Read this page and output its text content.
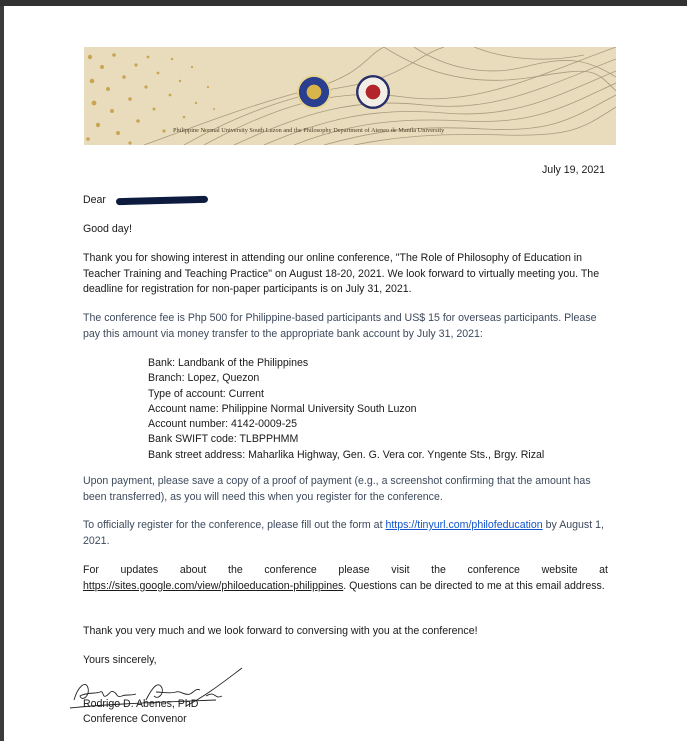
Philippine Normal University South Luzon and the Philosophy Department of Ateneo de Manila University
July 19, 2021
Dear
Good day!
Thank you for showing interest in attending our online conference, "The Role of Philosophy of Education in Teacher Training and Teaching Practice" on August 18-20, 2021. We look forward to virtually meeting you. The deadline for registration for non-paper participants is on July 31, 2021.
The conference fee is Php 500 for Philippine-based participants and US$ 15 for overseas participants. Please pay this amount via money transfer to the appropriate bank account by July 31, 2021:
Bank: Landbank of the Philippines
Branch: Lopez, Quezon
Type of account: Current
Account name: Philippine Normal University South Luzon
Account number: 4142-0009-25
Bank SWIFT code: TLBPPHMM
Bank street address: Maharlika Highway, Gen. G. Vera cor. Yngente Sts., Brgy. Rizal
Upon payment, please save a copy of a proof of payment (e.g., a screenshot confirming that the amount has been transferred), as you will need this when you register for the conference.
To officially register for the conference, please fill out the form at https://tinyurl.com/philofeducation by August 1, 2021.
For updates about the conference please visit the conference website at https://sites.google.com/view/philoeducation-philippines. Questions can be directed to me at this email address.
Thank you very much and we look forward to conversing with you at the conference!
Yours sincerely,
Rodrigo D. Abenes, PhD
Conference Convenor
